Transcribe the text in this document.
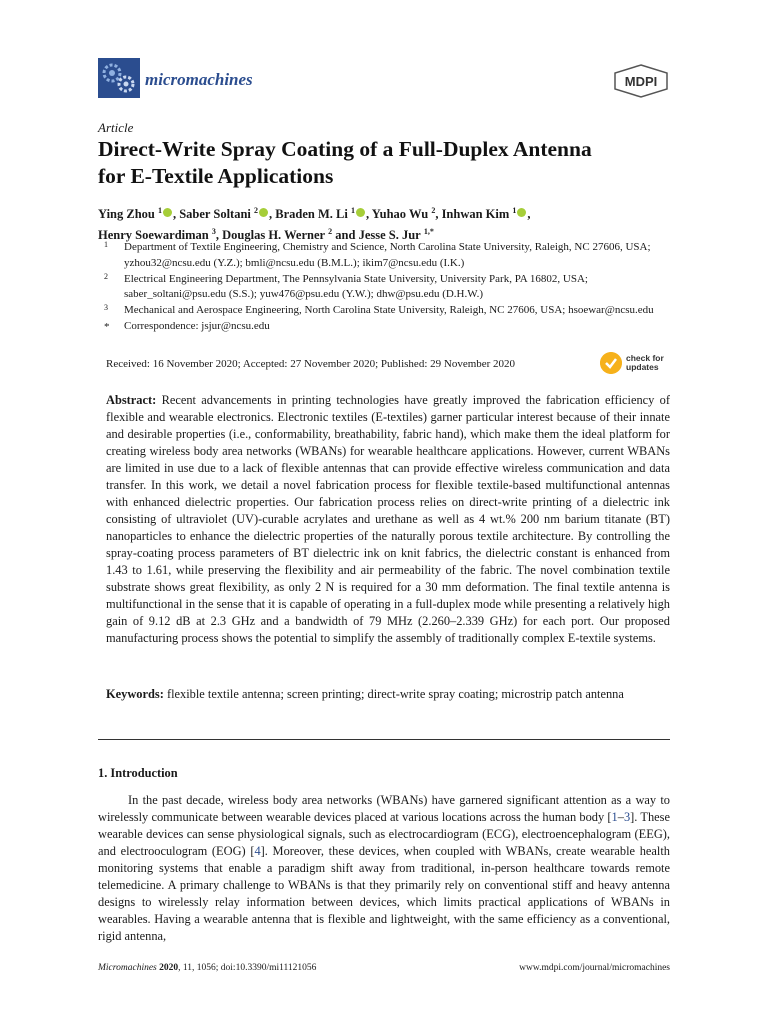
micromachines	MDPI
Article
Direct-Write Spray Coating of a Full-Duplex Antenna
for E-Textile Applications
Ying Zhou $^1$ , Saber Soltani $^2$ , Braden M. Li $^1$ , Yuhao Wu $^2$, Inhwan Kim $^1$ ,
Henry Soewardiman $^3$, Douglas H. Werner $^2$ and Jesse S. Jur $^{1,*}$
1 Department of Textile Engineering, Chemistry and Science, North Carolina State University, Raleigh, NC 27606, USA; yzhou32@ncsu.edu (Y.Z.); bmli@ncsu.edu (B.M.L.); ikim7@ncsu.edu (I.K.)
2 Electrical Engineering Department, The Pennsylvania State University, University Park, PA 16802, USA; saber_soltani@psu.edu (S.S.); yuw476@psu.edu (Y.W.); dhw@psu.edu (D.H.W.)
3 Mechanical and Aerospace Engineering, North Carolina State University, Raleigh, NC 27606, USA; hsoewar@ncsu.edu
* Correspondence: jsjur@ncsu.edu
Received: 16 November 2020; Accepted: 27 November 2020; Published: 29 November 2020	check for
updates
Abstract: Recent advancements in printing technologies have greatly improved the fabrication efficiency of flexible and wearable electronics. Electronic textiles (E-textiles) garner particular interest because of their innate and desirable properties (i.e., conformability, breathability, fabric hand), which make them the ideal platform for creating wireless body area networks (WBANs) for wearable healthcare applications. However, current WBANs are limited in use due to a lack of flexible antennas that can provide effective wireless communication and data transfer. In this work, we detail a novel fabrication process for flexible textile-based multifunctional antennas with enhanced dielectric properties. Our fabrication process relies on direct-write printing of a dielectric ink consisting of ultraviolet (UV)-curable acrylates and urethane as well as 4 wt.% 200 nm barium titanate (BT) nanoparticles to enhance the dielectric properties of the naturally porous textile architecture. By controlling the spray-coating process parameters of BT dielectric ink on knit fabrics, the dielectric constant is enhanced from 1.43 to 1.61, while preserving the flexibility and air permeability of the fabric. The novel combination textile substrate shows great flexibility, as only 2 N is required for a 30 mm deformation. The final textile antenna is multifunctional in the sense that it is capable of operating in a full-duplex mode while presenting a relatively high gain of 9.12 dB at 2.3 GHz and a bandwidth of 79 MHz (2.260–2.339 GHz) for each port. Our proposed manufacturing process shows the potential to simplify the assembly of traditionally complex E-textile systems.
Keywords: flexible textile antenna; screen printing; direct-write spray coating; microstrip patch antenna
1. Introduction
In the past decade, wireless body area networks (WBANs) have garnered significant attention as a way to wirelessly communicate between wearable devices placed at various locations across the human body [1–3]. These wearable devices can sense physiological signals, such as electrocardiogram (ECG), electroencephalogram (EEG), and electrooculogram (EOG) [4]. Moreover, these devices, when coupled with WBANs, create wearable health monitoring systems that enable a paradigm shift away from traditional, in-person healthcare towards remote telemedicine. A primary challenge to WBANs is that they primarily rely on conventional stiff and heavy antenna designs to wirelessly relay information between devices, which limits practical applications of WBANs in wearables. Having a wearable antenna that is flexible and lightweight, with the same efficiency as a conventional, rigid antenna,
Micromachines 2020, 11, 1056; doi:10.3390/mi11121056	www.mdpi.com/journal/micromachines
